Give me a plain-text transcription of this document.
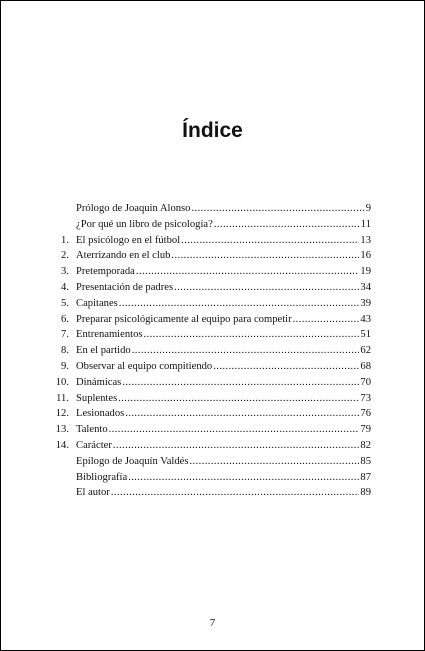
Índice
Prólogo de Joaquín Alonso .....	9
¿Por qué un libro de psicología? .....	11
1. El psicólogo en el fútbol .....	13
2. Aterrizando en el club .....	16
3. Pretemporada .....	19
4. Presentación de padres .....	34
5. Capitanes .....	39
6. Preparar psicológicamente al equipo para competir .....	43
7. Entrenamientos .....	51
8. En el partido .....	62
9. Observar al equipo compitiendo .....	68
10. Dinámicas .....	70
11. Suplentes .....	73
12. Lesionados .....	76
13. Talento .....	79
14. Carácter .....	82
Epílogo de Joaquín Valdés .....	85
Bibliografía .....	87
El autor .....	89
7
